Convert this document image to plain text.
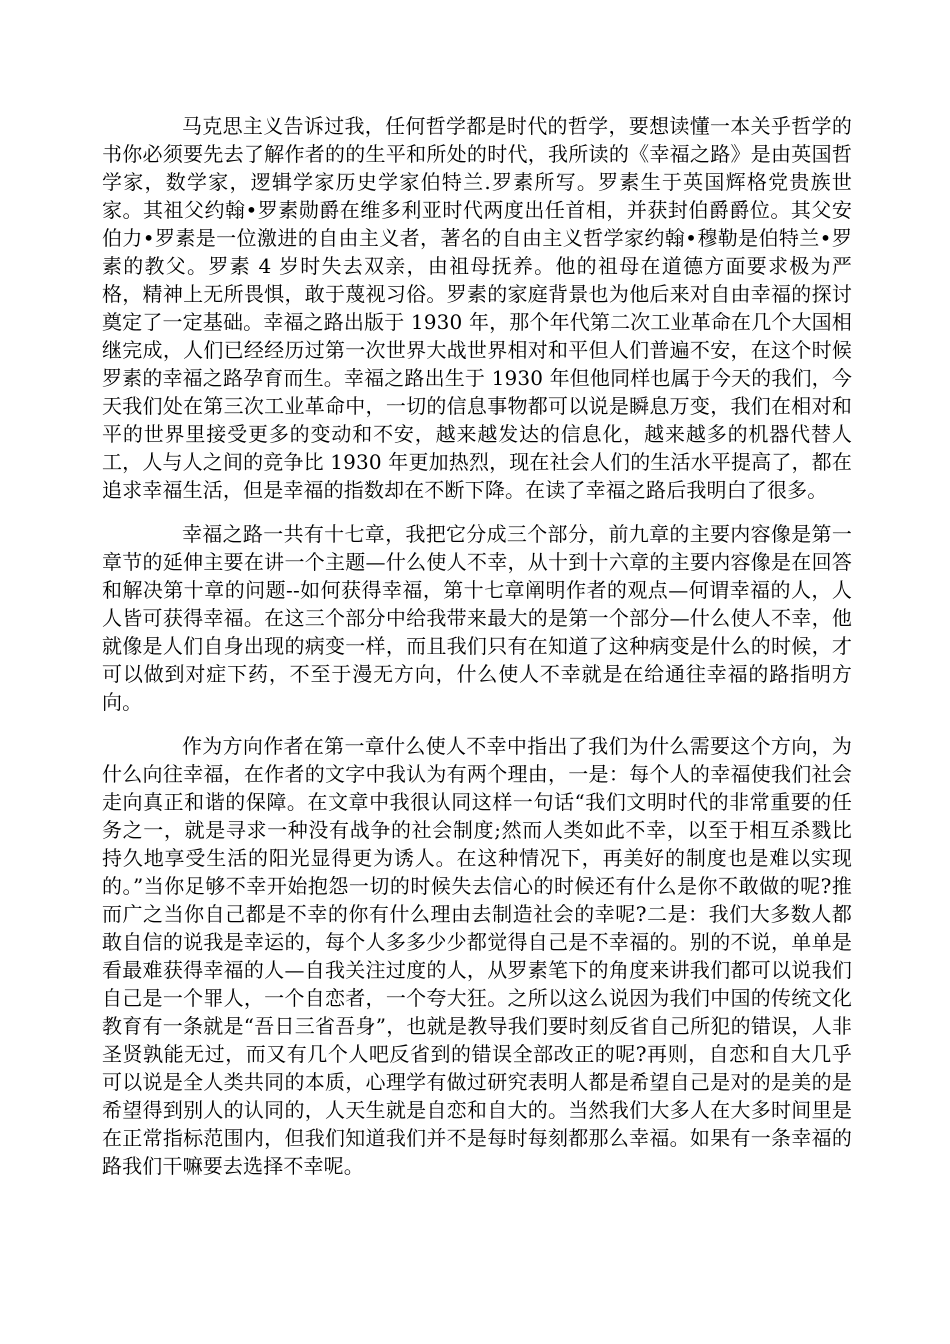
马克思主义告诉过我，任何哲学都是时代的哲学，要想读懂一本关乎哲学的书你必须要先去了解作者的的生平和所处的时代，我所读的《幸福之路》是由英国哲学家，数学家，逻辑学家历史学家伯特兰.罗素所写。罗素生于英国辉格党贵族世家。其祖父约翰•罗素勋爵在维多利亚时代两度出任首相，并获封伯爵爵位。其父安伯力•罗素是一位激进的自由主义者，著名的自由主义哲学家约翰•穆勒是伯特兰•罗素的教父。罗素 4 岁时失去双亲，由祖母抚养。他的祖母在道德方面要求极为严格，精神上无所畏惧，敢于蔑视习俗。罗素的家庭背景也为他后来对自由幸福的探讨奠定了一定基础。幸福之路出版于 1930 年，那个年代第二次工业革命在几个大国相继完成，人们已经经历过第一次世界大战世界相对和平但人们普遍不安，在这个时候罗素的幸福之路孕育而生。幸福之路出生于 1930 年但他同样也属于今天的我们，今天我们处在第三次工业革命中，一切的信息事物都可以说是瞬息万变，我们在相对和平的世界里接受更多的变动和不安，越来越发达的信息化，越来越多的机器代替人工，人与人之间的竞争比 1930 年更加热烈，现在社会人们的生活水平提高了，都在追求幸福生活，但是幸福的指数却在不断下降。在读了幸福之路后我明白了很多。

幸福之路一共有十七章，我把它分成三个部分，前九章的主要内容像是第一章节的延伸主要在讲一个主题—什么使人不幸，从十到十六章的主要内容像是在回答和解决第十章的问题--如何获得幸福，第十七章阐明作者的观点—何谓幸福的人，人人皆可获得幸福。在这三个部分中给我带来最大的是第一个部分—什么使人不幸，他就像是人们自身出现的病变一样，而且我们只有在知道了这种病变是什么的时候，才可以做到对症下药，不至于漫无方向，什么使人不幸就是在给通往幸福的路指明方向。

作为方向作者在第一章什么使人不幸中指出了我们为什么需要这个方向，为什么向往幸福，在作者的文字中我认为有两个理由，一是：每个人的幸福使我们社会走向真正和谐的保障。在文章中我很认同这样一句话“我们文明时代的非常重要的任务之一，就是寻求一种没有战争的社会制度;然而人类如此不幸，以至于相互杀戮比持久地享受生活的阳光显得更为诱人。在这种情况下，再美好的制度也是难以实现的。”当你足够不幸开始抱怨一切的时候失去信心的时候还有什么是你不敢做的呢?推而广之当你自己都是不幸的你有什么理由去制造社会的幸呢?二是：我们大多数人都敢自信的说我是幸运的，每个人多多少少都觉得自己是不幸福的。别的不说，单单是看最难获得幸福的人—自我关注过度的人，从罗素笔下的角度来讲我们都可以说我们自己是一个罪人，一个自恋者，一个夸大狂。之所以这么说因为我们中国的传统文化教育有一条就是“吾日三省吾身”，也就是教导我们要时刻反省自己所犯的错误，人非圣贤孰能无过，而又有几个人吧反省到的错误全部改正的呢?再则，自恋和自大几乎可以说是全人类共同的本质，心理学有做过研究表明人都是希望自己是对的是美的是希望得到别人的认同的，人天生就是自恋和自大的。当然我们大多人在大多时间里是在正常指标范围内，但我们知道我们并不是每时每刻都那么幸福。如果有一条幸福的路我们干嘛要去选择不幸呢。
